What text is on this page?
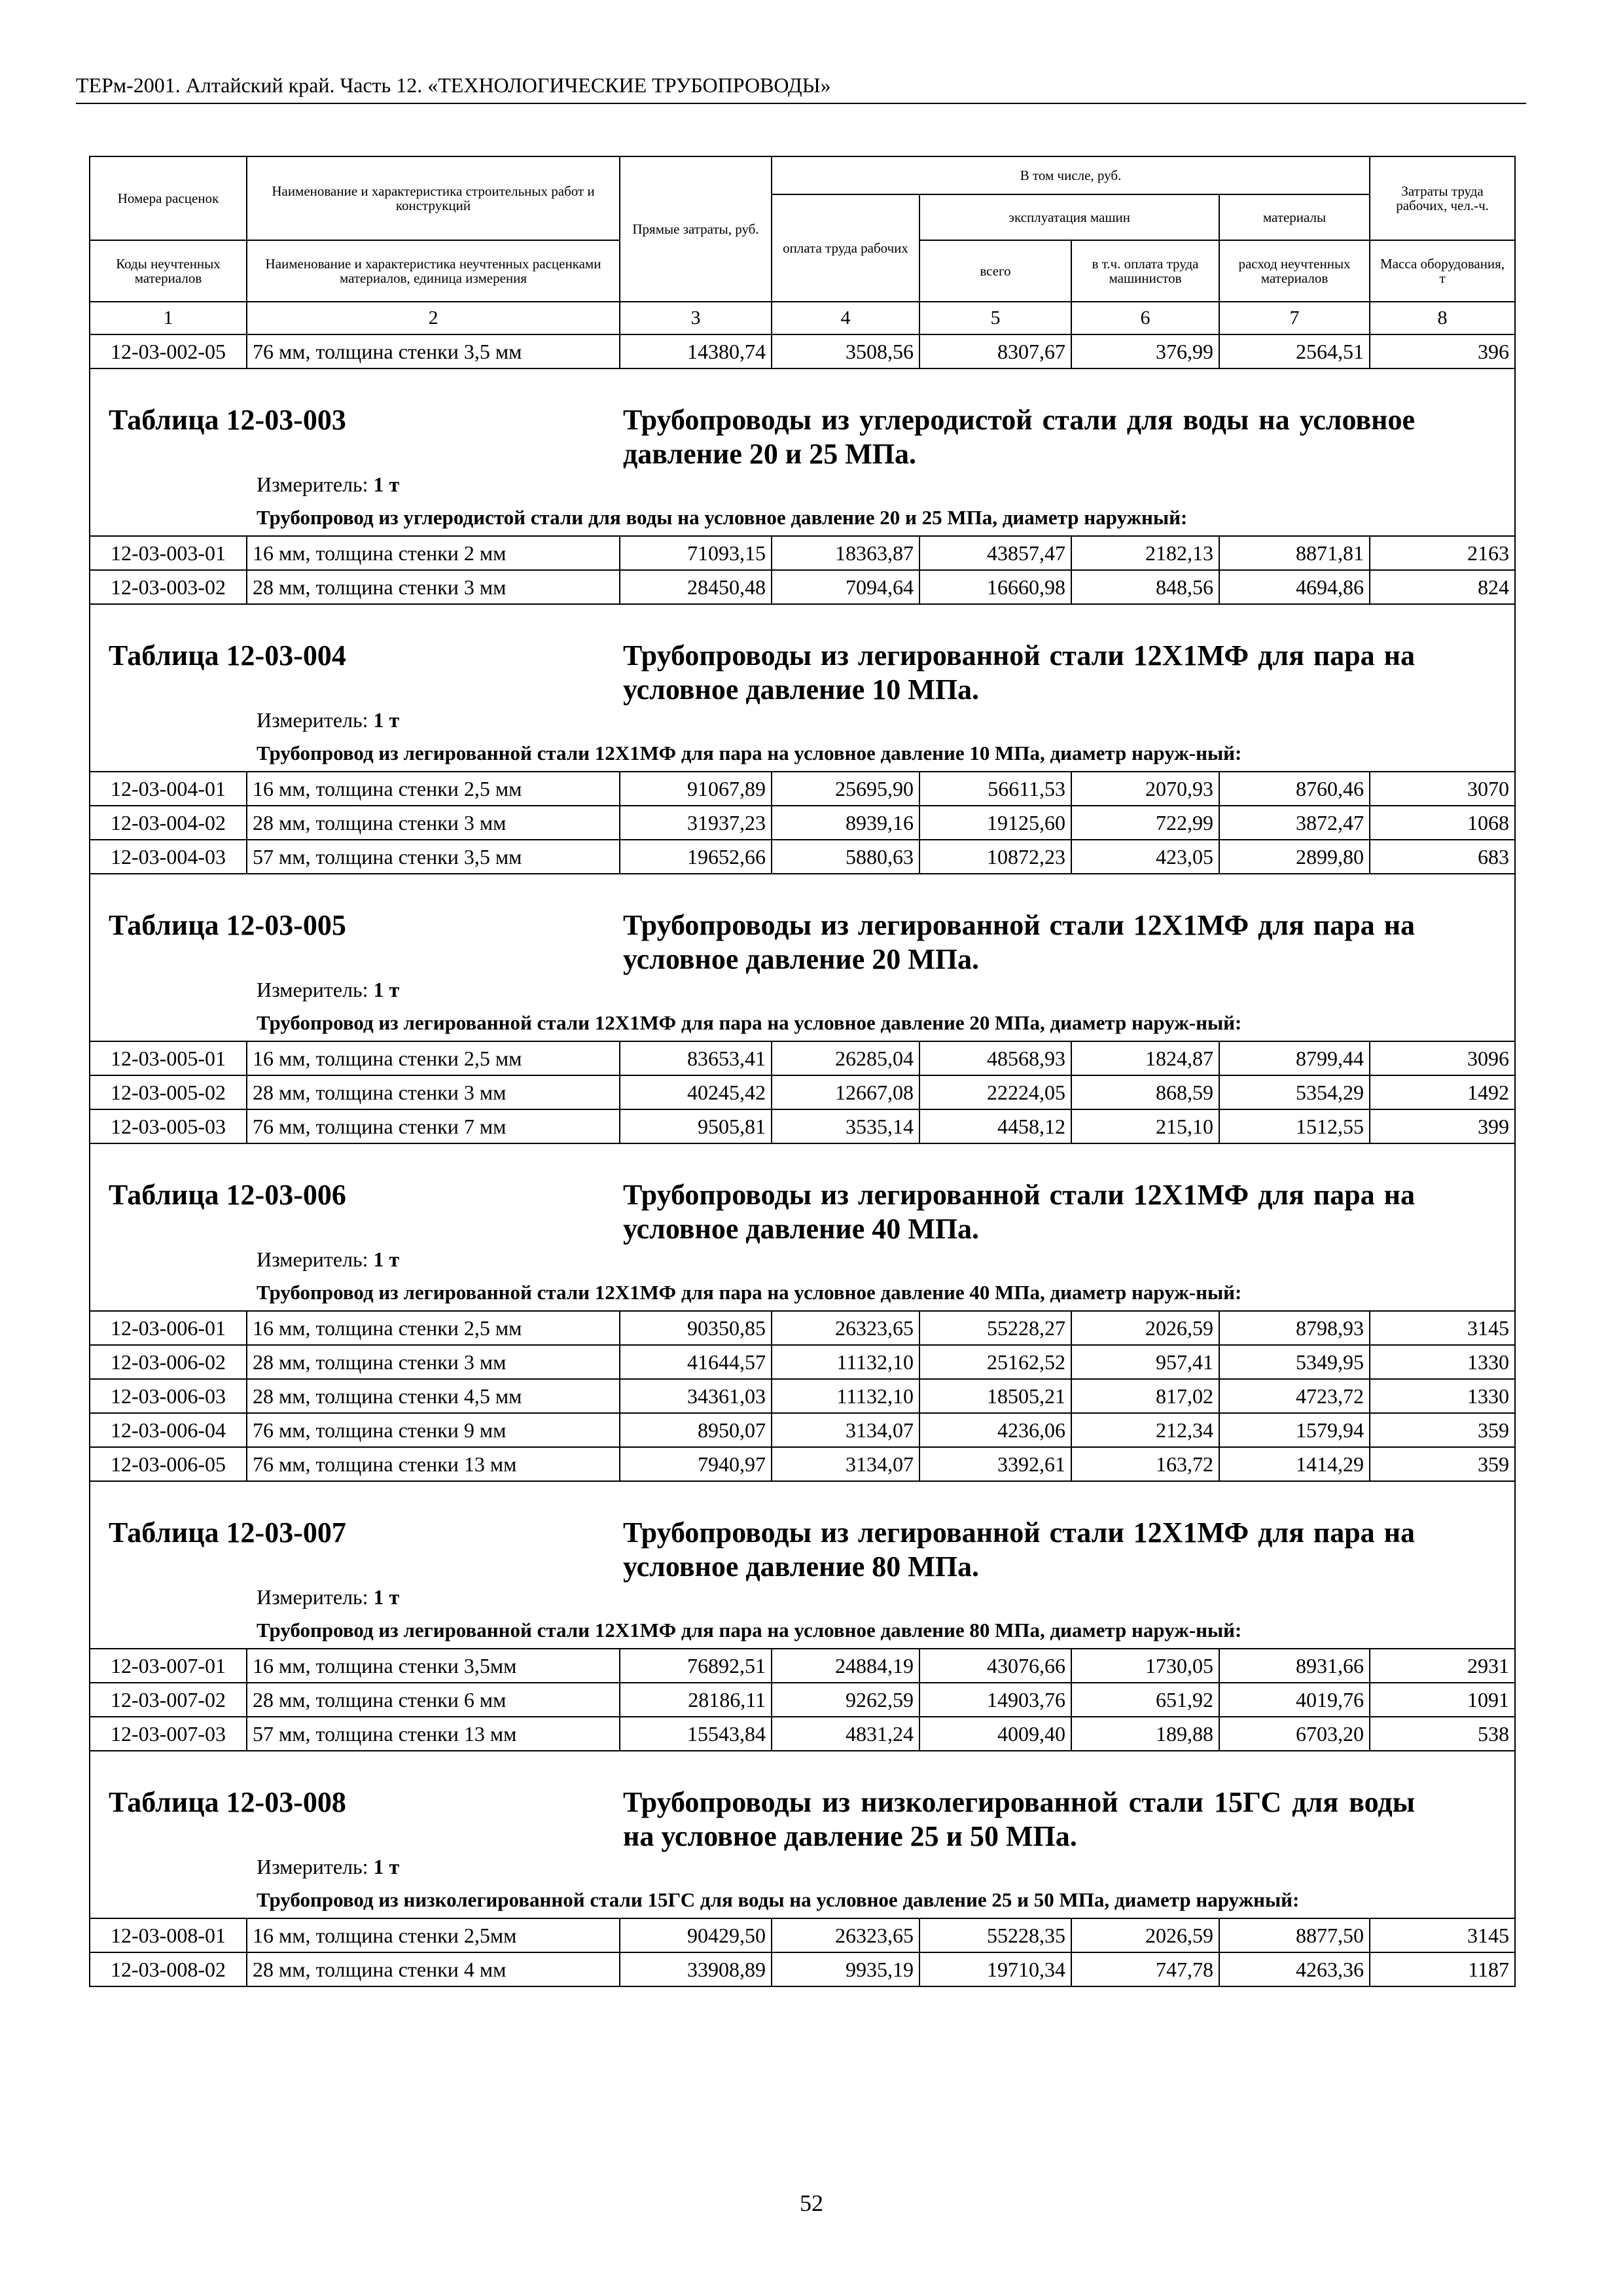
ТЕРм-2001. Алтайский край. Часть 12. «ТЕХНОЛОГИЧЕСКИЕ ТРУБОПРОВОДЫ»
Номера расценок	Наименование и характеристика строительных работ и конструкций	Прямые затраты, руб.	В том числе, руб.				Затраты труда рабочих, чел.-ч.
			оплата труда рабочих	эксплуатация машин		материалы	
Коды неучтенных материалов	Наименование и характеристика неучтенных расценками материалов, единица измерения			всего	в т.ч. оплата труда машинистов	расход неучтенных материалов	Масса оборудования, т
1	2	3	4	5	6	7	8
12-03-002-05	76 мм, толщина стенки 3,5 мм	14380,74	3508,56	8307,67	376,99	2564,51	396

Таблица 12-03-003 Трубопроводы из углеродистой стали для воды на условное давление 20 и 25 МПа.
Измеритель: 1 т							

Трубопровод из углеродистой стали для воды на условное давление 20 и 25 МПа, диаметр наружный:							
12-03-003-01	16 мм, толщина стенки 2 мм	71093,15	18363,87	43857,47	2182,13	8871,81	2163
12-03-003-02	28 мм, толщина стенки 3 мм	28450,48	7094,64	16660,98	848,56	4694,86	824

Таблица 12-03-004 Трубопроводы из легированной стали 12Х1МФ для пара на условное давление 10 МПа.
Измеритель: 1 т							

Трубопровод из легированной стали 12Х1МФ для пара на условное давление 10 МПа, диаметр наруж-ный:							
12-03-004-01	16 мм, толщина стенки 2,5 мм	91067,89	25695,90	56611,53	2070,93	8760,46	3070
12-03-004-02	28 мм, толщина стенки 3 мм	31937,23	8939,16	19125,60	722,99	3872,47	1068
12-03-004-03	57 мм, толщина стенки 3,5 мм	19652,66	5880,63	10872,23	423,05	2899,80	683

Таблица 12-03-005 Трубопроводы из легированной стали 12Х1МФ для пара на условное давление 20 МПа.
Измеритель: 1 т							

Трубопровод из легированной стали 12Х1МФ для пара на условное давление 20 МПа, диаметр наруж-ный:							
12-03-005-01	16 мм, толщина стенки 2,5 мм	83653,41	26285,04	48568,93	1824,87	8799,44	3096
12-03-005-02	28 мм, толщина стенки 3 мм	40245,42	12667,08	22224,05	868,59	5354,29	1492
12-03-005-03	76 мм, толщина стенки 7 мм	9505,81	3535,14	4458,12	215,10	1512,55	399

Таблица 12-03-006 Трубопроводы из легированной стали 12Х1МФ для пара на условное давление 40 МПа.
Измеритель: 1 т							

Трубопровод из легированной стали 12Х1МФ для пара на условное давление 40 МПа, диаметр наруж-ный:							
12-03-006-01	16 мм, толщина стенки 2,5 мм	90350,85	26323,65	55228,27	2026,59	8798,93	3145
12-03-006-02	28 мм, толщина стенки 3 мм	41644,57	11132,10	25162,52	957,41	5349,95	1330
12-03-006-03	28 мм, толщина стенки 4,5 мм	34361,03	11132,10	18505,21	817,02	4723,72	1330
12-03-006-04	76 мм, толщина стенки 9 мм	8950,07	3134,07	4236,06	212,34	1579,94	359
12-03-006-05	76 мм, толщина стенки 13 мм	7940,97	3134,07	3392,61	163,72	1414,29	359

Таблица 12-03-007 Трубопроводы из легированной стали 12Х1МФ для пара на условное давление 80 МПа.
Измеритель: 1 т							

Трубопровод из легированной стали 12Х1МФ для пара на условное давление 80 МПа, диаметр наруж-ный:							
12-03-007-01	16 мм, толщина стенки 3,5мм	76892,51	24884,19	43076,66	1730,05	8931,66	2931
12-03-007-02	28 мм, толщина стенки 6 мм	28186,11	9262,59	14903,76	651,92	4019,76	1091
12-03-007-03	57 мм, толщина стенки 13 мм	15543,84	4831,24	4009,40	189,88	6703,20	538

Таблица 12-03-008 Трубопроводы из низколегированной стали 15ГС для воды на условное давление 25 и 50 МПа.
Измеритель: 1 т							

Трубопровод из низколегированной стали 15ГС для воды на условное давление 25 и 50 МПа, диаметр наружный:							
12-03-008-01	16 мм, толщина стенки 2,5мм	90429,50	26323,65	55228,35	2026,59	8877,50	3145
12-03-008-02	28 мм, толщина стенки 4 мм	33908,89	9935,19	19710,34	747,78	4263,36	1187
52
